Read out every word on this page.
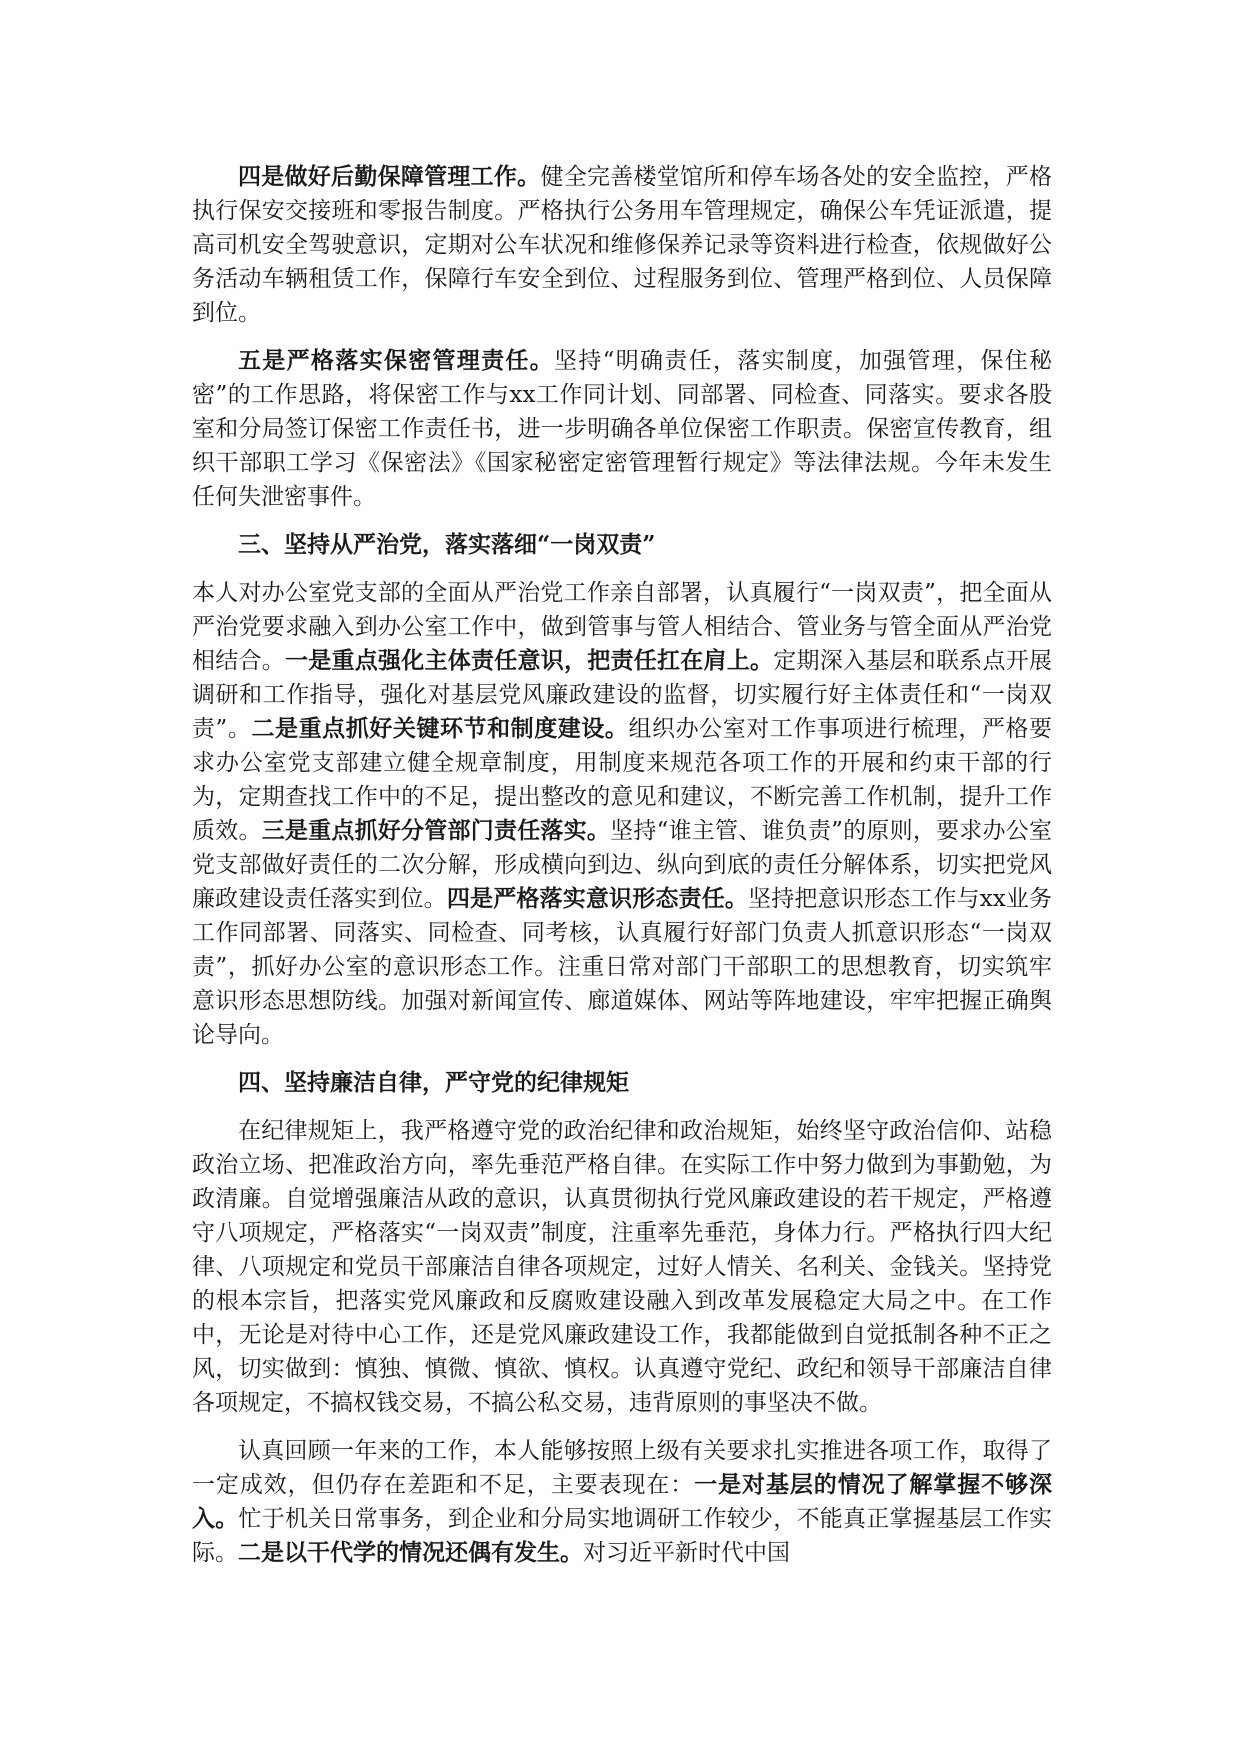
四是做好后勤保障管理工作。健全完善楼堂馆所和停车场各处的安全监控，严格执行保安交接班和零报告制度。严格执行公务用车管理规定，确保公车凭证派遣，提高司机安全驾驶意识，定期对公车状况和维修保养记录等资料进行检查，依规做好公务活动车辆租赁工作，保障行车安全到位、过程服务到位、管理严格到位、人员保障到位。

五是严格落实保密管理责任。坚持“明确责任，落实制度，加强管理，保住秘密”的工作思路，将保密工作与xx工作同计划、同部署、同检查、同落实。要求各股室和分局签订保密工作责任书，进一步明确各单位保密工作职责。保密宣传教育，组织干部职工学习《保密法》《国家秘密定密管理暂行规定》等法律法规。今年未发生任何失泄密事件。

三、坚持从严治党，落实落细“一岗双责”

本人对办公室党支部的全面从严治党工作亲自部署，认真履行“一岗双责”，把全面从严治党要求融入到办公室工作中，做到管事与管人相结合、管业务与管全面从严治党相结合。一是重点强化主体责任意识，把责任扛在肩上。定期深入基层和联系点开展调研和工作指导，强化对基层党风廉政建设的监督，切实履行好主体责任和“一岗双责”。二是重点抓好关键环节和制度建设。组织办公室对工作事项进行梳理，严格要求办公室党支部建立健全规章制度，用制度来规范各项工作的开展和约束干部的行为，定期查找工作中的不足，提出整改的意见和建议，不断完善工作机制，提升工作质效。三是重点抓好分管部门责任落实。坚持“谁主管、谁负责”的原则，要求办公室党支部做好责任的二次分解，形成横向到边、纵向到底的责任分解体系，切实把党风廉政建设责任落实到位。四是严格落实意识形态责任。坚持把意识形态工作与xx业务工作同部署、同落实、同检查、同考核，认真履行好部门负责人抓意识形态“一岗双责”，抓好办公室的意识形态工作。注重日常对部门干部职工的思想教育，切实筑牢意识形态思想防线。加强对新闻宣传、廊道媒体、网站等阵地建设，牢牢把握正确舆论导向。

四、坚持廉洁自律，严守党的纪律规矩

在纪律规矩上，我严格遵守党的政治纪律和政治规矩，始终坚守政治信仰、站稳政治立场、把准政治方向，率先垂范严格自律。在实际工作中努力做到为事勤勉，为政清廉。自觉增强廉洁从政的意识，认真贯彻执行党风廉政建设的若干规定，严格遵守八项规定，严格落实“一岗双责”制度，注重率先垂范，身体力行。严格执行四大纪律、八项规定和党员干部廉洁自律各项规定，过好人情关、名利关、金钱关。坚持党的根本宗旨，把落实党风廉政和反腐败建设融入到改革发展稳定大局之中。在工作中，无论是对待中心工作，还是党风廉政建设工作，我都能做到自觉抵制各种不正之风，切实做到：慎独、慎微、慎欲、慎权。认真遵守党纪、政纪和领导干部廉洁自律各项规定，不搞权钱交易，不搞公私交易，违背原则的事坚决不做。

认真回顾一年来的工作，本人能够按照上级有关要求扎实推进各项工作，取得了一定成效，但仍存在差距和不足，主要表现在：一是对基层的情况了解掌握不够深入。忙于机关日常事务，到企业和分局实地调研工作较少，不能真正掌握基层工作实际。二是以干代学的情况还偶有发生。对习近平新时代中国
